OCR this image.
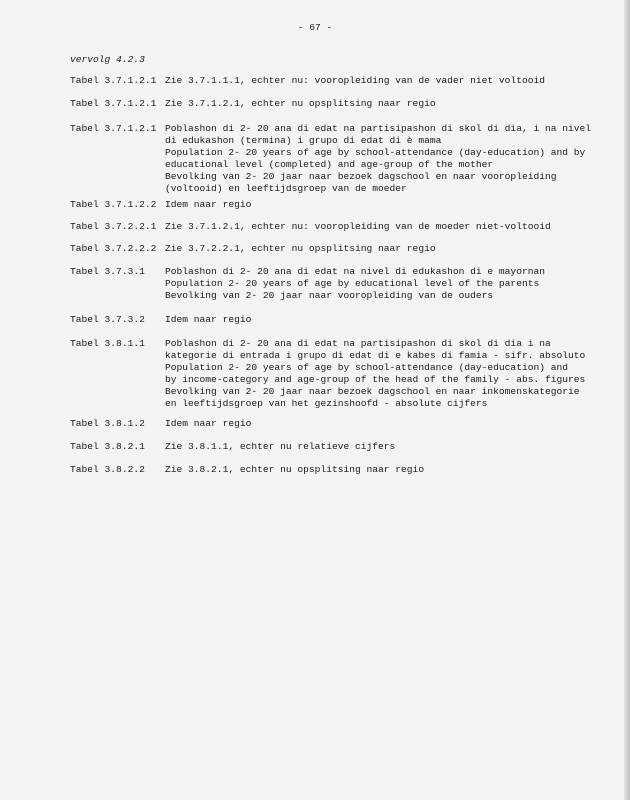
- 67 -
vervolg 4.2.3
Tabel 3.7.1.2.1 Zie 3.7.1.1.1, echter nu: vooropleiding van de vader niet voltooid
Tabel 3.7.1.2.1 Zie 3.7.1.2.1, echter nu opsplitsing naar regio
Tabel 3.7.1.2.1 Poblashon di 2- 20 ana di edat na partisipashon di skol di dia, i na nivel
di edukashon (termina) i grupo di edat di è mama
Population 2- 20 years of age by school-attendance (day-education) and by
educational level (completed) and age-group of the mother
Bevolking van 2- 20 jaar naar bezoek dagschool en naar vooropleiding
(voltooid) en leeftijdsgroep van de moeder
Tabel 3.7.1.2.2 Idem naar regio
Tabel 3.7.2.2.1 Zie 3.7.1.2.1, echter nu: vooropleiding van de moeder niet-voltooid
Tabel 3.7.2.2.2 Zie 3.7.2.2.1, echter nu opsplitsing naar regio
Tabel 3.7.3.1 Poblashon di 2- 20 ana di edat na nivel di edukashon di e mayornan
Population 2- 20 years of age by educational level of the parents
Bevolking van 2- 20 jaar naar vooropleiding van de ouders
Tabel 3.7.3.2 Idem naar regio
Tabel 3.8.1.1 Poblashon di 2- 20 ana di edat na partisipashon di skol di dia i na
kategorie di entrada i grupo di edat di e kabes di famia - sifr. absoluto
Population 2- 20 years of age by school-attendance (day-education) and
by income-category and age-group of the head of the family - abs. figures
Bevolking van 2- 20 jaar naar bezoek dagschool en naar inkomenskategorie
en leeftijdsgroep van het gezinshoofd - absolute cijfers
Tabel 3.8.1.2 Idem naar regio
Tabel 3.8.2.1 Zie 3.8.1.1, echter nu relatieve cijfers
Tabel 3.8.2.2 Zie 3.8.2.1, echter nu opsplitsing naar regio
